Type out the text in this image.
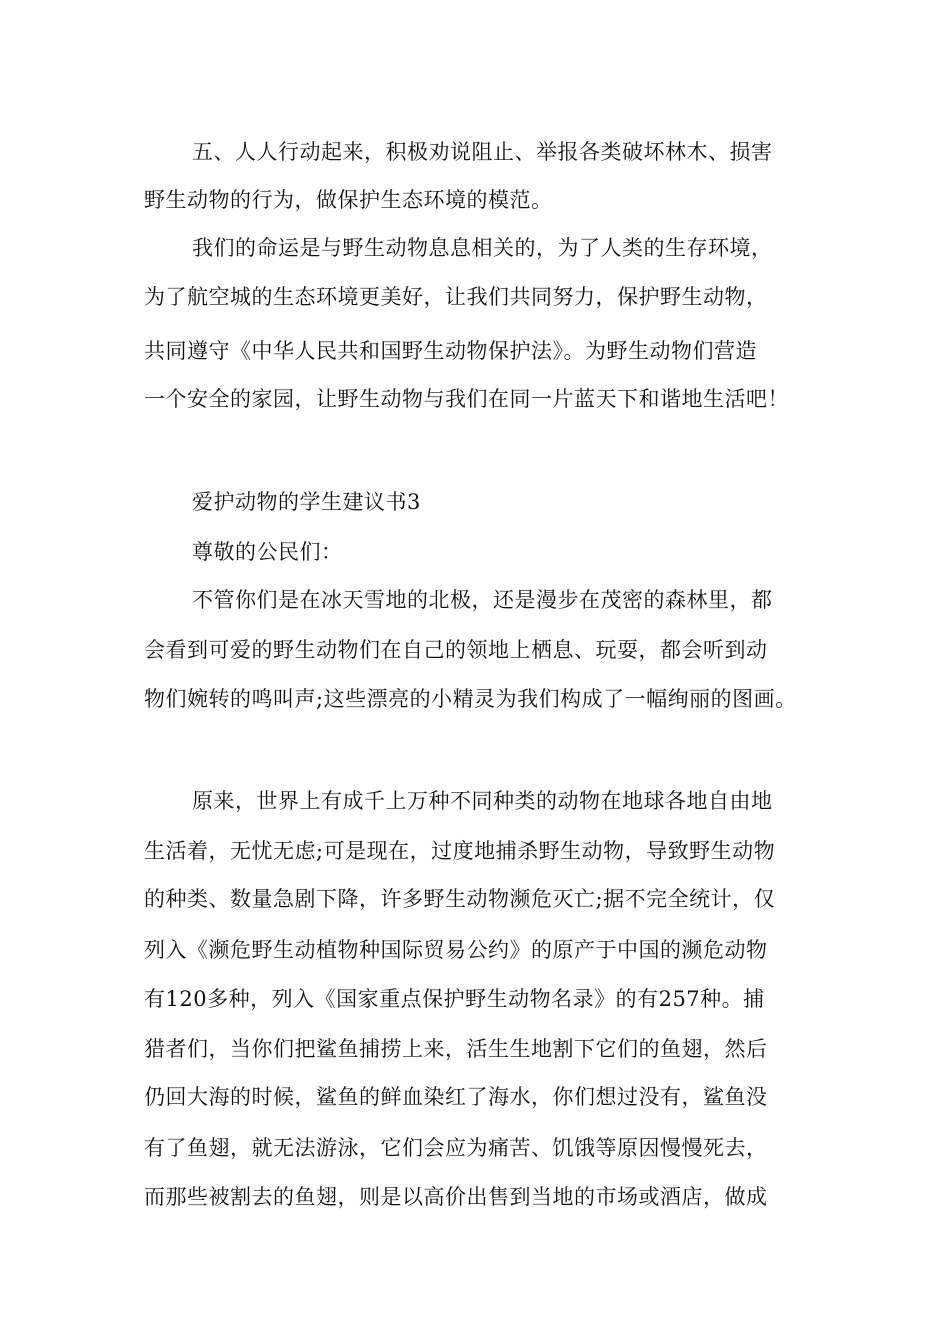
五、人人行动起来，积极劝说阻止、举报各类破坏林木、损害
野生动物的行为，做保护生态环境的模范。
我们的命运是与野生动物息息相关的，为了人类的生存环境，
为了航空城的生态环境更美好，让我们共同努力，保护野生动物，
共同遵守《中华人民共和国野生动物保护法》。为野生动物们营造
一个安全的家园，让野生动物与我们在同一片蓝天下和谐地生活吧！
爱护动物的学生建议书3
尊敬的公民们：
不管你们是在冰天雪地的北极，还是漫步在茂密的森林里，都
会看到可爱的野生动物们在自己的领地上栖息、玩耍，都会听到动
物们婉转的鸣叫声;这些漂亮的小精灵为我们构成了一幅绚丽的图画。
原来，世界上有成千上万种不同种类的动物在地球各地自由地
生活着，无忧无虑;可是现在，过度地捕杀野生动物，导致野生动物
的种类、数量急剧下降，许多野生动物濒危灭亡;据不完全统计，仅
列入《濒危野生动植物种国际贸易公约》的原产于中国的濒危动物
有120多种，列入《国家重点保护野生动物名录》的有257种。捕
猎者们，当你们把鲨鱼捕捞上来，活生生地割下它们的鱼翅，然后
仍回大海的时候，鲨鱼的鲜血染红了海水，你们想过没有，鲨鱼没
有了鱼翅，就无法游泳，它们会应为痛苦、饥饿等原因慢慢死去，
而那些被割去的鱼翅，则是以高价出售到当地的市场或酒店，做成
